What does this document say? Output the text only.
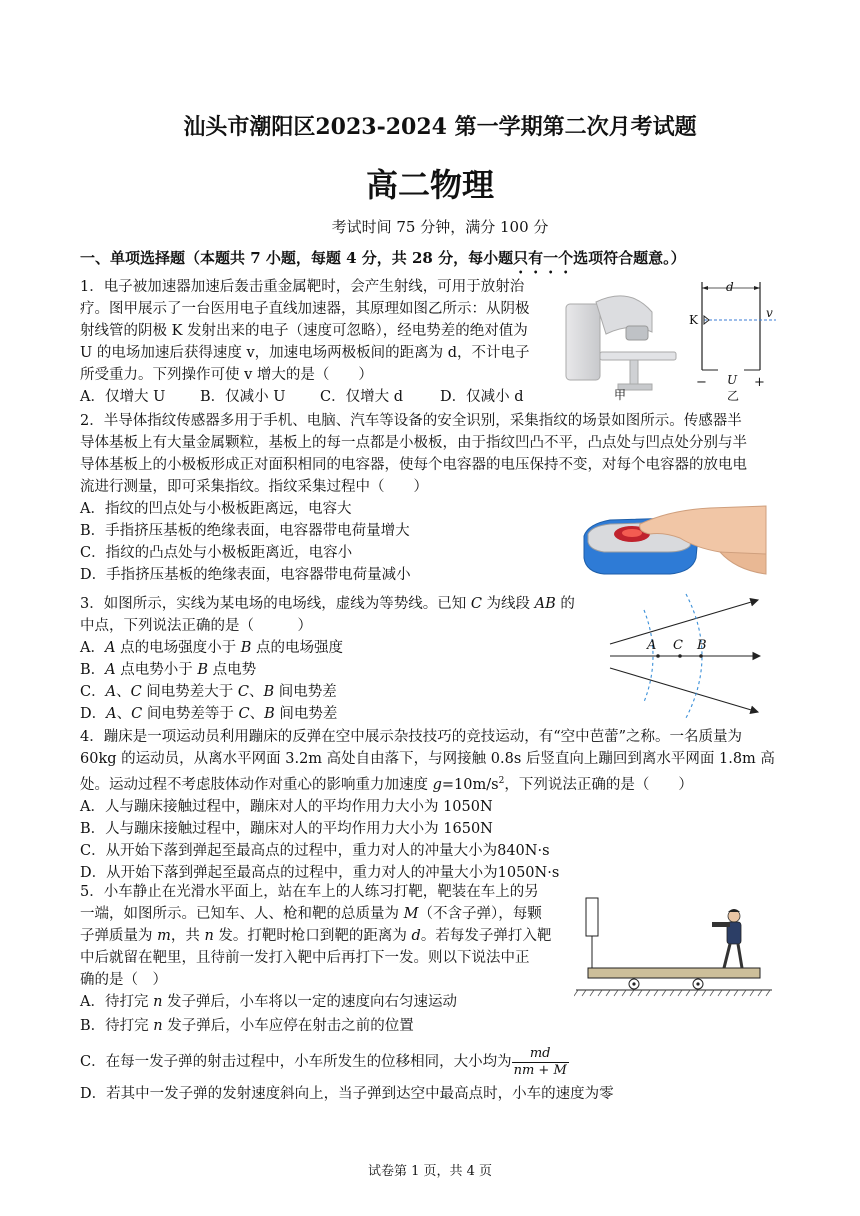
汕头市潮阳区2023-2024 第一学期第二次月考试题
高二物理
考试时间 75 分钟，满分 100 分
一、单项选择题（本题共 7 小题，每题 4 分，共 28 分，每小题只有一个选项符合题意。）
1．电子被加速器加速后轰击重金属靶时，会产生射线，可用于放射治
疗。图甲展示了一台医用电子直线加速器，其原理如图乙所示：从阴极
射线管的阴极 K 发射出来的电子（速度可忽略），经电势差的绝对值为
U 的电场加速后获得速度 v，加速电场两极板间的距离为 d，不计电子
所受重力。下列操作可使 v 增大的是（　　）
A．仅增大 U B．仅减小 U C．仅增大 d	D．仅减小 d	甲
d
K	v
−	+
U
乙
2．半导体指纹传感器多用于手机、电脑、汽车等设备的安全识别，采集指纹的场景如图所示。传感器半
导体基板上有大量金属颗粒，基板上的每一点都是小极板，由于指纹凹凸不平，凸点处与凹点处分别与半
导体基板上的小极板形成正对面积相同的电容器，使每个电容器的电压保持不变，对每个电容器的放电电
流进行测量，即可采集指纹。指纹采集过程中（　　）
A．指纹的凹点处与小极板距离远，电容大
B．手指挤压基板的绝缘表面，电容器带电荷量增大
C．指纹的凸点处与小极板距离近，电容小
D．手指挤压基板的绝缘表面，电容器带电荷量减小
3．如图所示，实线为某电场的电场线，虚线为等势线。已知 C 为线段 AB 的
中点，下列说法正确的是（　　　）
A．A 点的电场强度小于 B 点的电场强度
B．A 点电势小于 B 点电势
C．A、C 间电势差大于 C、B 间电势差
D．A、C 间电势差等于 C、B 间电势差
A C B
4．蹦床是一项运动员利用蹦床的反弹在空中展示杂技技巧的竞技运动，有“空中芭蕾”之称。一名质量为
60kg 的运动员，从离水平网面 3.2m 高处自由落下，与网接触 0.8s 后竖直向上蹦回到离水平网面 1.8m 高
处。运动过程不考虑肢体动作对重心的影响重力加速度 $g=10m/s^2$，下列说法正确的是（　　）
A．人与蹦床接触过程中，蹦床对人的平均作用力大小为 1050N
B．人与蹦床接触过程中，蹦床对人的平均作用力大小为 1650N
C．从开始下落到弹起至最高点的过程中，重力对人的冲量大小为840N·s
D．从开始下落到弹起至最高点的过程中，重力对人的冲量大小为1050N·s
5．小车静止在光滑水平面上，站在车上的人练习打靶，靶装在车上的另
一端，如图所示。已知车、人、枪和靶的总质量为 M（不含子弹），每颗
子弹质量为 m，共 n 发。打靶时枪口到靶的距离为 d。若每发子弹打入靶
中后就留在靶里，且待前一发打入靶中后再打下一发。则以下说法中正
确的是（　）
A．待打完 n 发子弹后，小车将以一定的速度向右匀速运动
B．待打完 n 发子弹后，小车应停在射击之前的位置
C．在每一发子弹的射击过程中，小车所发生的位移相同，大小均为 $\frac{md}{nm + M}$
D．若其中一发子弹的发射速度斜向上，当子弹到达空中最高点时，小车的速度为零
试卷第 1 页，共 4 页
